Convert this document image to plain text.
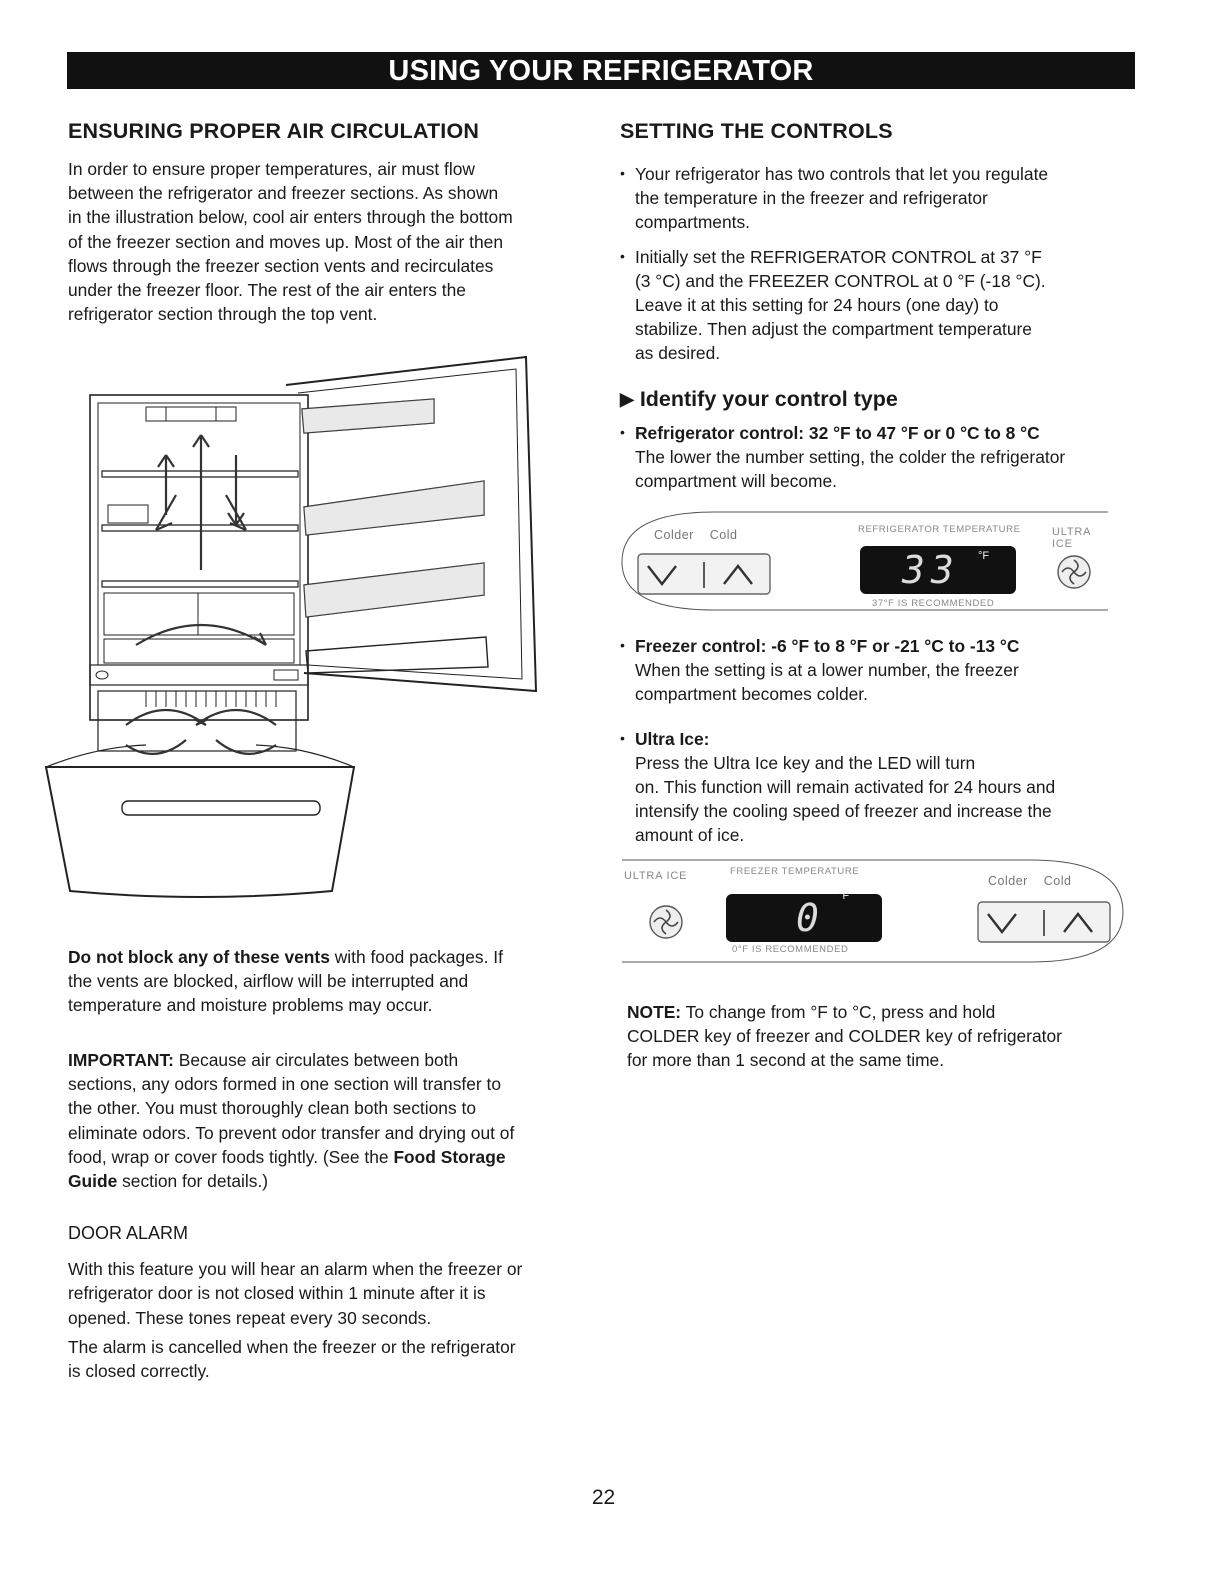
USING YOUR REFRIGERATOR
ENSURING PROPER AIR CIRCULATION

In order to ensure proper temperatures, air must flow

between the refrigerator and freezer sections. As shown

in the illustration below, cool air enters through the bottom

of the freezer section and moves up. Most of the air then

flows through the freezer section vents and recirculates

under the freezer floor. The rest of the air enters the

refrigerator section through the top vent.

Do not block any of these vents with food packages. If

the vents are blocked, airflow will be interrupted and

temperature and moisture problems may occur.

IMPORTANT: Because air circulates between both

sections, any odors formed in one section will transfer to

the other. You must thoroughly clean both sections to

eliminate odors. To prevent odor transfer and drying out of

food, wrap or cover foods tightly. (See the Food Storage

Guide section for details.)

DOOR ALARM

With this feature you will hear an alarm when the freezer or

refrigerator door is not closed within 1 minute after it is

opened. These tones repeat every 30 seconds.

The alarm is cancelled when the freezer or the refrigerator

is closed correctly.

SETTING THE CONTROLS
• Your refrigerator has two controls that let you regulate
the temperature in the freezer and refrigerator
compartments.
• Initially set the REFRIGERATOR CONTROL at 37 °F
(3 °C) and the FREEZER CONTROL at 0 °F (-18 °C).
Leave it at this setting for 24 hours (one day) to
stabilize. Then adjust the compartment temperature
as desired.
▶ Identify your control type
• Refrigerator control: 32 °F to 47 °F or 0 °C to 8 °C
The lower the number setting, the colder the refrigerator
compartment will become.
Colder Cold	REFRIGERATOR TEMPERATURE	ULTRA ICE
33 °F
37°F IS RECOMMENDED
• Freezer control: -6 °F to 8 °F or -21 °C to -13 °C
When the setting is at a lower number, the freezer
compartment becomes colder.
• Ultra Ice:
Press the Ultra Ice key and the LED will turn
on. This function will remain activated for 24 hours and
intensify the cooling speed of freezer and increase the
amount of ice.
ULTRA ICE	FREEZER TEMPERATURE
Colder Cold
0 °F
0°F IS RECOMMENDED

NOTE: To change from °F to °C, press and hold

COLDER key of freezer and COLDER key of refrigerator

for more than 1 second at the same time.

22
